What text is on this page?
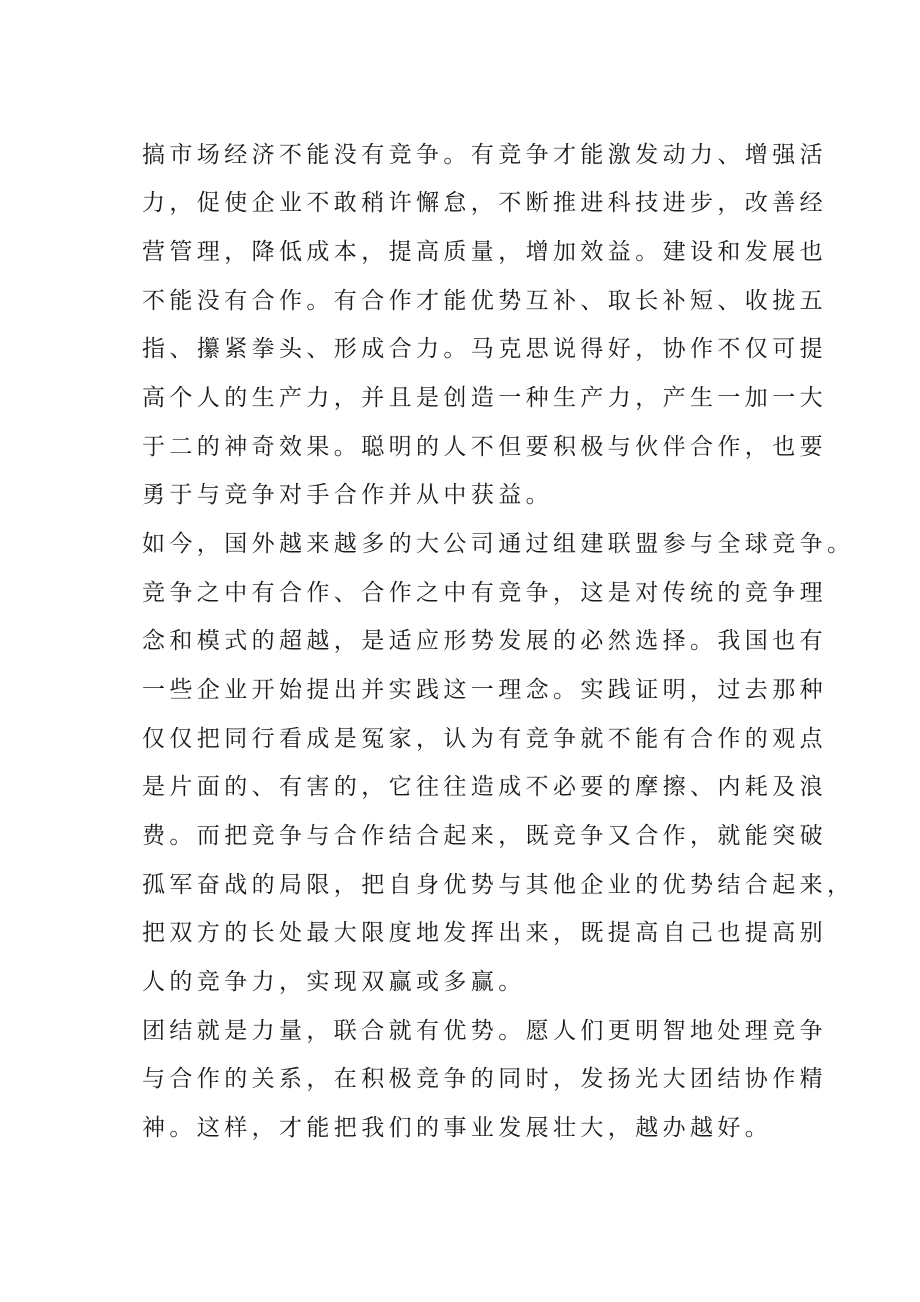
搞市场经济不能没有竞争。有竞争才能激发动力、增强活

力，促使企业不敢稍许懈怠，不断推进科技进步，改善经

营管理，降低成本，提高质量，增加效益。建设和发展也

不能没有合作。有合作才能优势互补、取长补短、收拢五

指、攥紧拳头、形成合力。马克思说得好，协作不仅可提

高个人的生产力，并且是创造一种生产力，产生一加一大

于二的神奇效果。聪明的人不但要积极与伙伴合作，也要

勇于与竞争对手合作并从中获益。

如今，国外越来越多的大公司通过组建联盟参与全球竞争。

竞争之中有合作、合作之中有竞争，这是对传统的竞争理

念和模式的超越，是适应形势发展的必然选择。我国也有

一些企业开始提出并实践这一理念。实践证明，过去那种

仅仅把同行看成是冤家，认为有竞争就不能有合作的观点

是片面的、有害的，它往往造成不必要的摩擦、内耗及浪

费。而把竞争与合作结合起来，既竞争又合作，就能突破

孤军奋战的局限，把自身优势与其他企业的优势结合起来，

把双方的长处最大限度地发挥出来，既提高自己也提高别

人的竞争力，实现双赢或多赢。

团结就是力量，联合就有优势。愿人们更明智地处理竞争

与合作的关系，在积极竞争的同时，发扬光大团结协作精

神。这样，才能把我们的事业发展壮大，越办越好。
